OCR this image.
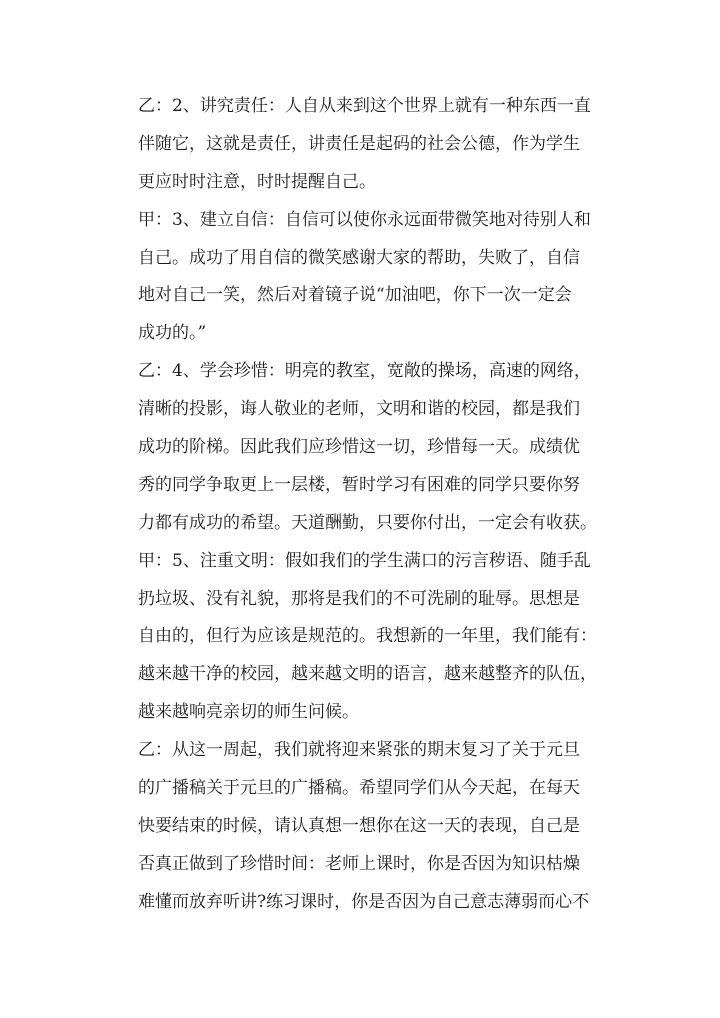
乙：2、讲究责任：人自从来到这个世界上就有一种东西一直
伴随它，这就是责任，讲责任是起码的社会公德，作为学生
更应时时注意，时时提醒自己。
甲：3、建立自信：自信可以使你永远面带微笑地对待别人和
自己。成功了用自信的微笑感谢大家的帮助，失败了，自信
地对自己一笑，然后对着镜子说“加油吧，你下一次一定会
成功的。”
乙：4、学会珍惜：明亮的教室，宽敞的操场，高速的网络，
清晰的投影，诲人敬业的老师，文明和谐的校园，都是我们
成功的阶梯。因此我们应珍惜这一切，珍惜每一天。成绩优
秀的同学争取更上一层楼，暂时学习有困难的同学只要你努
力都有成功的希望。天道酬勤，只要你付出，一定会有收获。
甲：5、注重文明：假如我们的学生满口的污言秽语、随手乱
扔垃圾、没有礼貌，那将是我们的不可洗刷的耻辱。思想是
自由的，但行为应该是规范的。我想新的一年里，我们能有：
越来越干净的校园，越来越文明的语言，越来越整齐的队伍，
越来越响亮亲切的师生问候。
乙：从这一周起，我们就将迎来紧张的期末复习了关于元旦
的广播稿关于元旦的广播稿。希望同学们从今天起，在每天
快要结束的时候，请认真想一想你在这一天的表现，自己是
否真正做到了珍惜时间：老师上课时，你是否因为知识枯燥
难懂而放弃听讲?练习课时，你是否因为自己意志薄弱而心不
